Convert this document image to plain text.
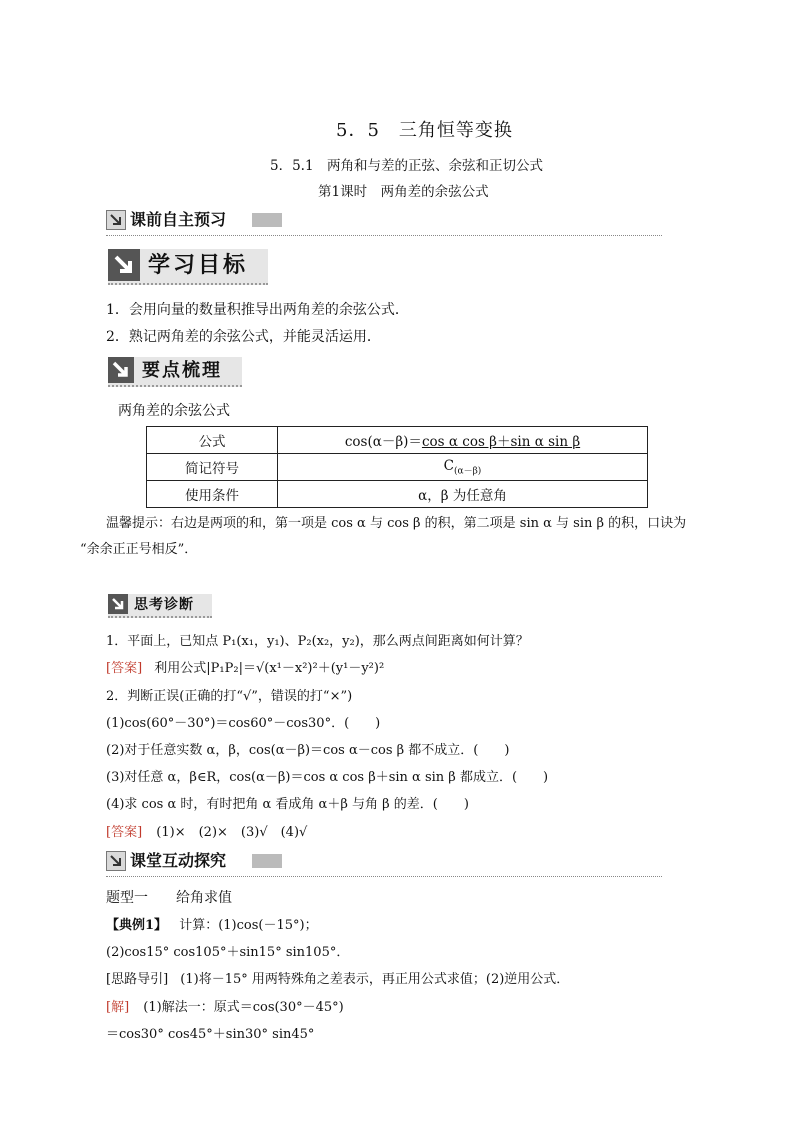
5．5　三角恒等变换
5．5.1　两角和与差的正弦、余弦和正切公式
第1课时　两角差的余弦公式
课前自主预习
学习目标
1．会用向量的数量积推导出两角差的余弦公式．
2．熟记两角差的余弦公式，并能灵活运用．
要点梳理
两角差的余弦公式
公式	cos(α－β)＝cos α cos β＋sin α sin β
简记符号	$C_{(\alpha-\beta)}$
使用条件	α，β 为任意角
温馨提示：右边是两项的和，第一项是 cos α 与 cos β 的积，第二项是 sin α 与 sin β 的积，口诀为
“余余正正号相反”．
思考诊断
1．平面上，已知点 P₁(x₁，y₁)、P₂(x₂，y₂)，那么两点间距离如何计算？
[答案] 利用公式|P₁P₂|＝√(x¹－x²)²＋(y¹－y²)²
2．判断正误(正确的打“√”，错误的打“×”)
(1)cos(60°－30°)＝cos60°－cos30°．(　　)
(2)对于任意实数 α，β，cos(α－β)＝cos α－cos β 都不成立．(　　)
(3)对任意 α，β∈R，cos(α－β)＝cos α cos β＋sin α sin β 都成立．(　　)
(4)求 cos α 时，有时把角 α 看成角 α＋β 与角 β 的差．(　　)
[答案] (1)×　(2)×　(3)√　(4)√
课堂互动探究
题型一　　给角求值
【典例1】 计算：(1)cos(－15°)；
(2)cos15° cos105°＋sin15° sin105°．
[思路导引] (1)将－15° 用两特殊角之差表示，再正用公式求值；(2)逆用公式．
[解] (1)解法一：原式＝cos(30°－45°)
＝cos30° cos45°＋sin30° sin45°
